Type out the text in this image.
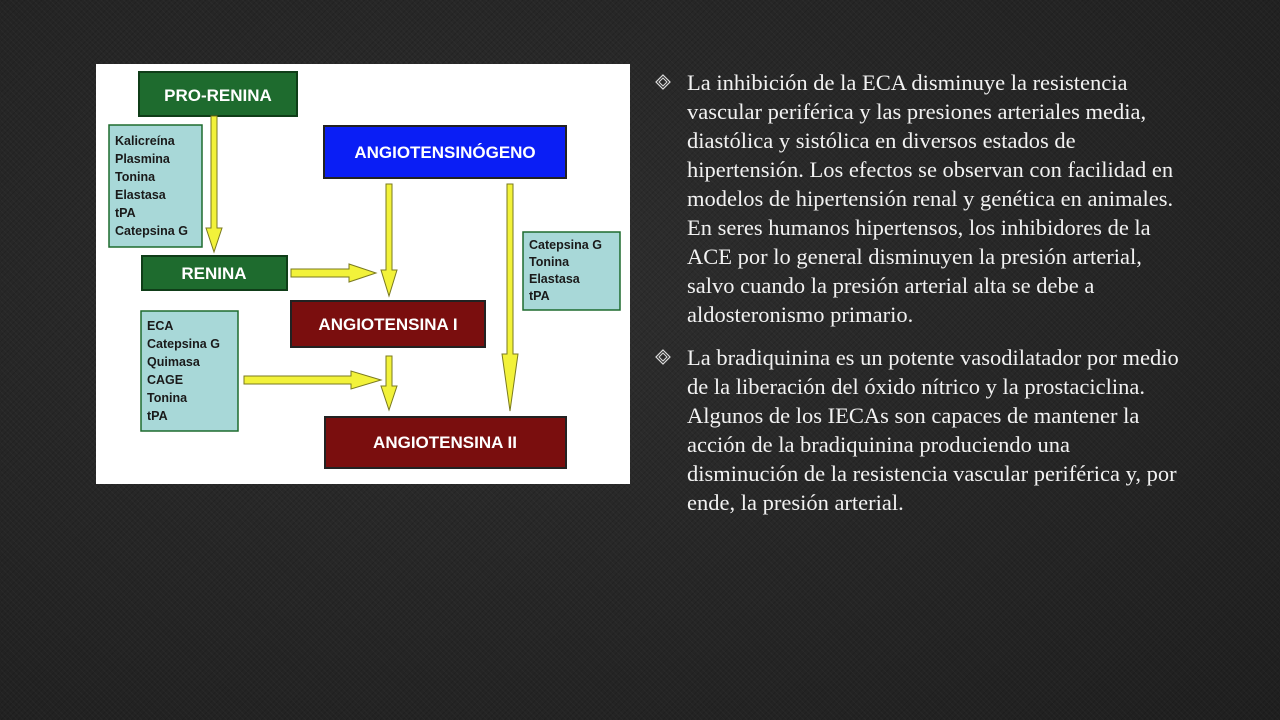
PRO-RENINA
ANGIOTENSINÓGENO
RENINA
ANGIOTENSINA I
ANGIOTENSINA II
Kalicreína
Plasmina
Tonina
Elastasa
tPA
Catepsina G
Catepsina G
Tonina
Elastasa
tPA
ECA
Catepsina G
Quimasa
CAGE
Tonina
tPA
La inhibición de la ECA disminuye la resistencia vascular periférica y las presiones arteriales media, diastólica y sistólica en diversos estados de hipertensión. Los efectos se observan con facilidad en modelos de hipertensión renal y genética en animales. En seres humanos hipertensos, los inhibidores de la ACE por lo general disminuyen la presión arterial, salvo cuando la presión arterial alta se debe a aldosteronismo primario.
La bradiquinina es un potente vasodilatador por medio de la liberación del óxido nítrico y la prostaciclina. Algunos de los IECAs son capaces de mantener la acción de la bradiquinina produciendo una disminución de la resistencia vascular periférica y, por ende, la presión arterial.
